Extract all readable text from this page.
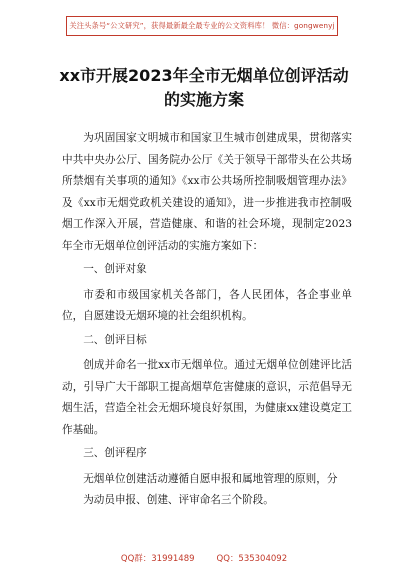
关注头条号“公文研究”，获得最新最全最专业的公文资料库！ 微信：gongwenyj
xx市开展2023年全市无烟单位创评活动
的实施方案

为巩固国家文明城市和国家卫生城市创建成果，贯彻落实中共中央办公厅、国务院办公厅《关于领导干部带头在公共场所禁烟有关事项的通知》《xx市公共场所控制吸烟管理办法》及《xx市无烟党政机关建设的通知》，进一步推进我市控制吸烟工作深入开展，营造健康、和谐的社会环境，现制定2023年全市无烟单位创评活动的实施方案如下：

一、创评对象

市委和市级国家机关各部门，各人民团体，各企事业单位，自愿建设无烟环境的社会组织机构。

二、创评目标

创成并命名一批xx市无烟单位。通过无烟单位创建评比活动，引导广大干部职工提高烟草危害健康的意识，示范倡导无烟生活，营造全社会无烟环境良好氛围，为健康xx建设奠定工作基础。

三、创评程序

无烟单位创建活动遵循自愿申报和属地管理的原则，分

为动员申报、创建、评审命名三个阶段。

QQ群：31991489	QQ：535304092
